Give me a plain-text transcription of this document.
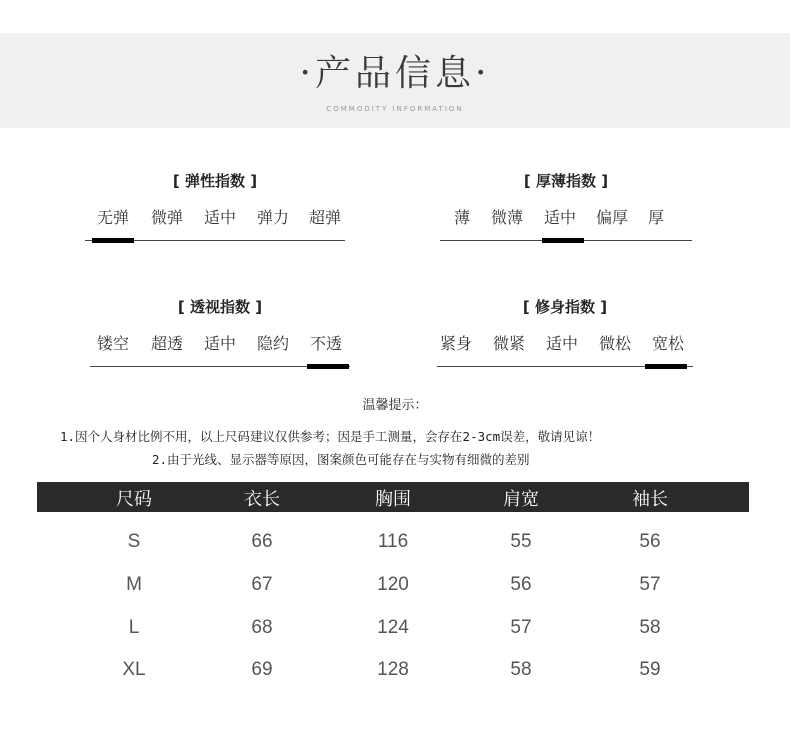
·产品信息·
COMMODITY INFORMATION
[ 弹性指数 ]
无弹 微弹 适中 弹力 超弹
[ 厚薄指数 ]
薄 微薄 适中 偏厚 厚
[ 透视指数 ]
镂空 超透 适中 隐约 不透
[ 修身指数 ]
紧身 微紧 适中 微松 宽松
温馨提示：
1.因个人身材比例不用，以上尺码建议仅供参考；因是手工测量，会存在2-3cm误差，敬请见谅！
2.由于光线、显示器等原因，图案颜色可能存在与实物有细微的差别
尺码	衣长	胸围	肩宽	袖长
S	66	116	55	56
M	67	120	56	57
L	68	124	57	58
XL	69	128	58	59
